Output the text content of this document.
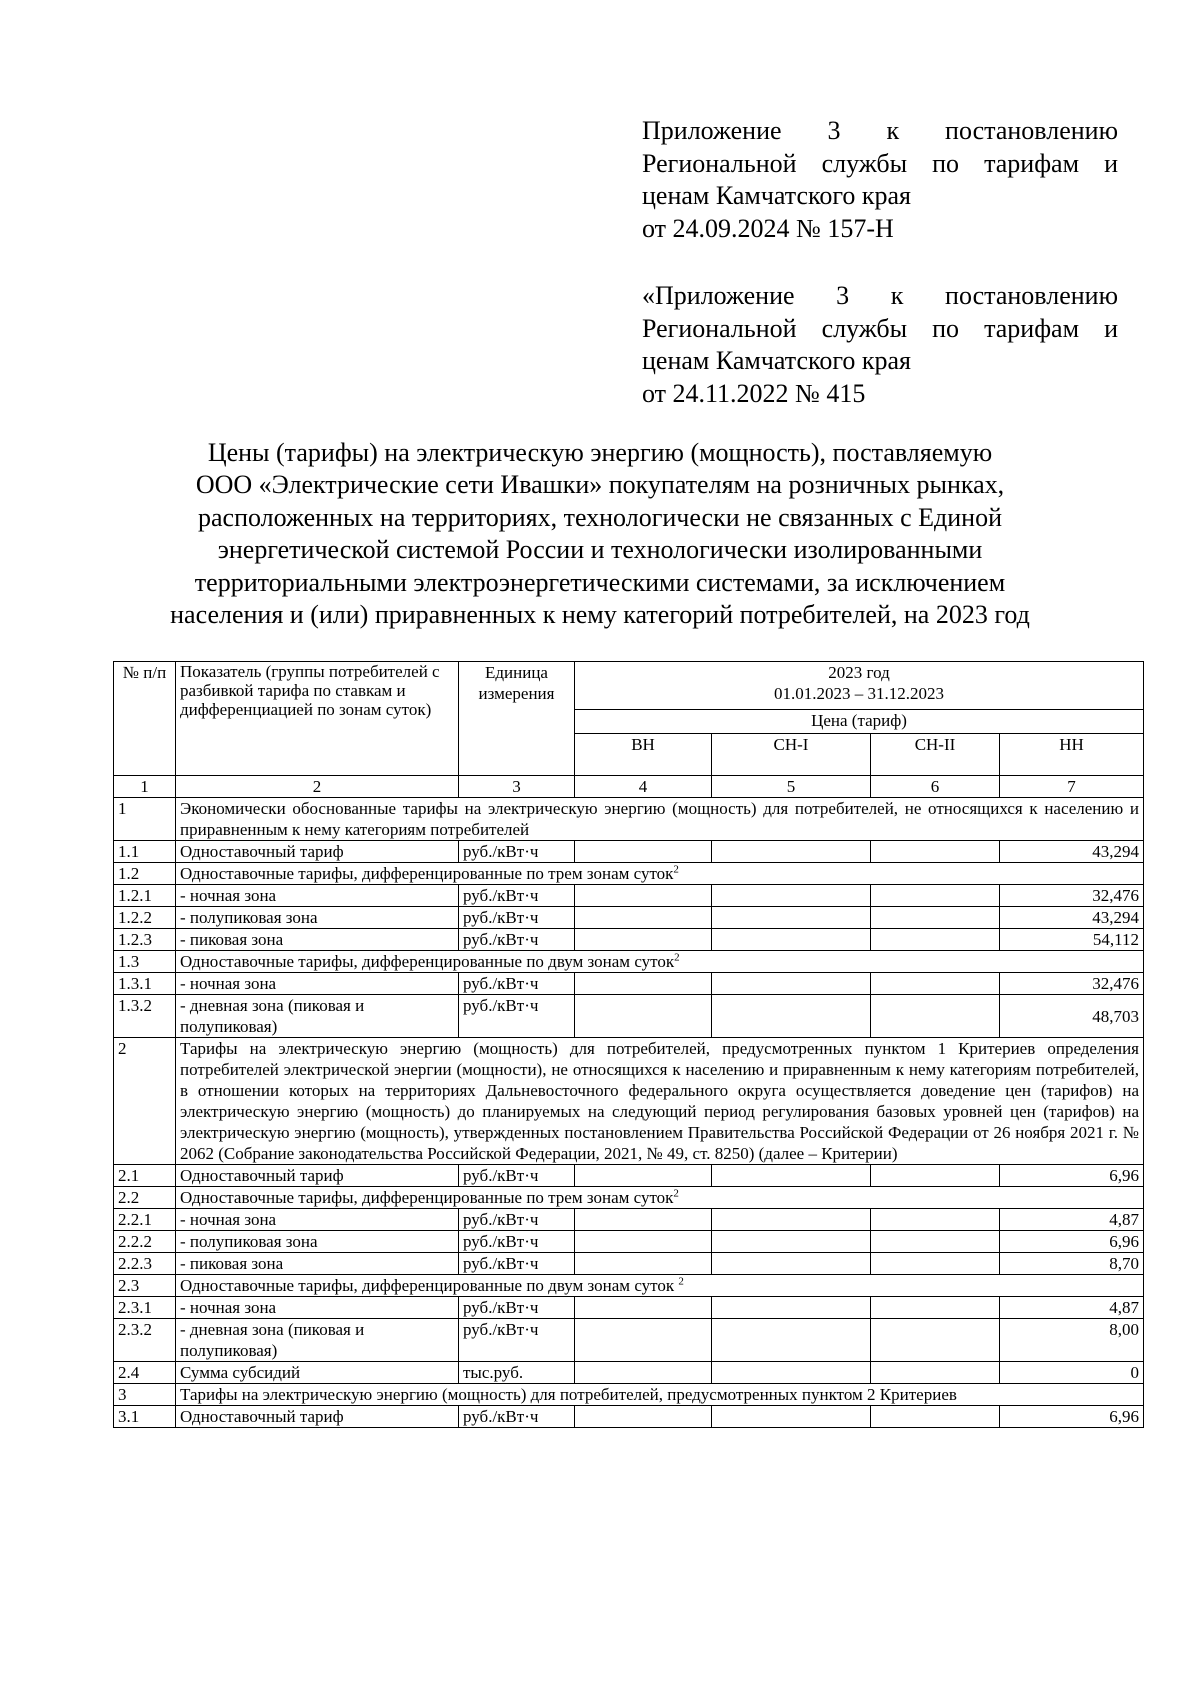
Приложение 3 к постановлению
Региональной службы по тарифам и
ценам Камчатского края
от 24.09.2024 № 157-Н
«Приложение 3 к постановлению
Региональной службы по тарифам и
ценам Камчатского края
от 24.11.2022 № 415
Цены (тарифы) на электрическую энергию (мощность), поставляемую
ООО «Электрические сети Ивашки» покупателям на розничных рынках,
расположенных на территориях, технологически не связанных с Единой
энергетической системой России и технологически изолированными
территориальными электроэнергетическими системами, за исключением
населения и (или) приравненных к нему категорий потребителей, на 2023 год
№ п/п	Показатель (группы потребителей с разбивкой тарифа по ставкам и дифференциацией по зонам суток)	Единица измерения	2023 год
01.01.2023 – 31.12.2023			

			Цена (тариф)			
			ВН	СН-I	СН-II	НН
1	2	3	4	5	6	7
1	Экономически обоснованные тарифы на электрическую энергию (мощность) для потребителей, не относящихся к населению и приравненным к нему категориям потребителей					
1.1	Одноставочный тариф	руб./кВт·ч				43,294
1.2	Одноставочные тарифы, дифференцированные по трем зонам суток$^2$
1.2.1	- ночная зона	руб./кВт·ч				32,476
1.2.2	- полупиковая зона	руб./кВт·ч				43,294
1.2.3	- пиковая зона	руб./кВт·ч				54,112
1.3	Одноставочные тарифы, дифференцированные по двум зонам суток$^2$
1.3.1	- ночная зона	руб./кВт·ч				32,476
1.3.2	- дневная зона (пиковая и полупиковая)	руб./кВт·ч				48,703
2	Тарифы на электрическую энергию (мощность) для потребителей, предусмотренных пунктом 1 Критериев определения потребителей электрической энергии (мощности), не относящихся к населению и приравненным к нему категориям потребителей, в отношении которых на территориях Дальневосточного федерального округа осуществляется доведение цен (тарифов) на электрическую энергию (мощность) до планируемых на следующий период регулирования базовых уровней цен (тарифов) на электрическую энергию (мощность), утвержденных постановлением Правительства Российской Федерации от 26 ноября 2021 г. № 2062 (Собрание законодательства Российской Федерации, 2021, № 49, ст. 8250) (далее – Критерии)					
2.1	Одноставочный тариф	руб./кВт·ч				6,96
2.2	Одноставочные тарифы, дифференцированные по трем зонам суток$^2$
2.2.1	- ночная зона	руб./кВт·ч				4,87
2.2.2	- полупиковая зона	руб./кВт·ч				6,96
2.2.3	- пиковая зона	руб./кВт·ч				8,70
2.3	Одноставочные тарифы, дифференцированные по двум зонам суток $^2$
2.3.1	- ночная зона	руб./кВт·ч				4,87
2.3.2	- дневная зона (пиковая и полупиковая)	руб./кВт·ч				8,00
2.4	Сумма субсидий	тыс.руб.				0
3	Тарифы на электрическую энергию (мощность) для потребителей, предусмотренных пунктом 2 Критериев					
3.1	Одноставочный тариф	руб./кВт·ч				6,96
